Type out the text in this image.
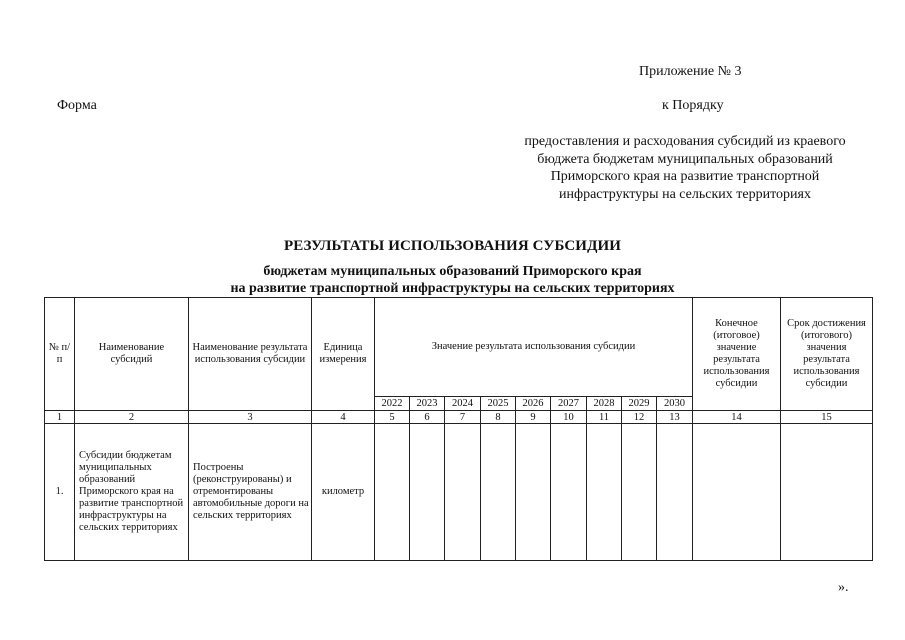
Приложение № 3
Форма	к Порядку
предоставления и расходования субсидий из краевого
бюджета бюджетам муниципальных образований
Приморского края на развитие транспортной
инфраструктуры на сельских территориях
РЕЗУЛЬТАТЫ ИСПОЛЬЗОВАНИЯ СУБСИДИИ
бюджетам муниципальных образований Приморского края
на развитие транспортной инфраструктуры на сельских территориях
№ п/п	Наименование субсидий	Наименование результата использования субсидии	Единица измерения	Значение результата использования субсидии									Конечное (итоговое) значение результата использования субсидии	Срок достижения (итогового) значения результата использования субсидии
				2022	2023	2024	2025	2026	2027	2028	2029	2030		
1	2	3	4	5	6	7	8	9	10	11	12	13	14	15
1.	Субсидии бюджетам муниципальных образований Приморского края на развитие транспортной инфраструктуры на сельских территориях	Построены (реконструированы) и отремонтированы автомобильные дороги на сельских территориях	километр											
».
